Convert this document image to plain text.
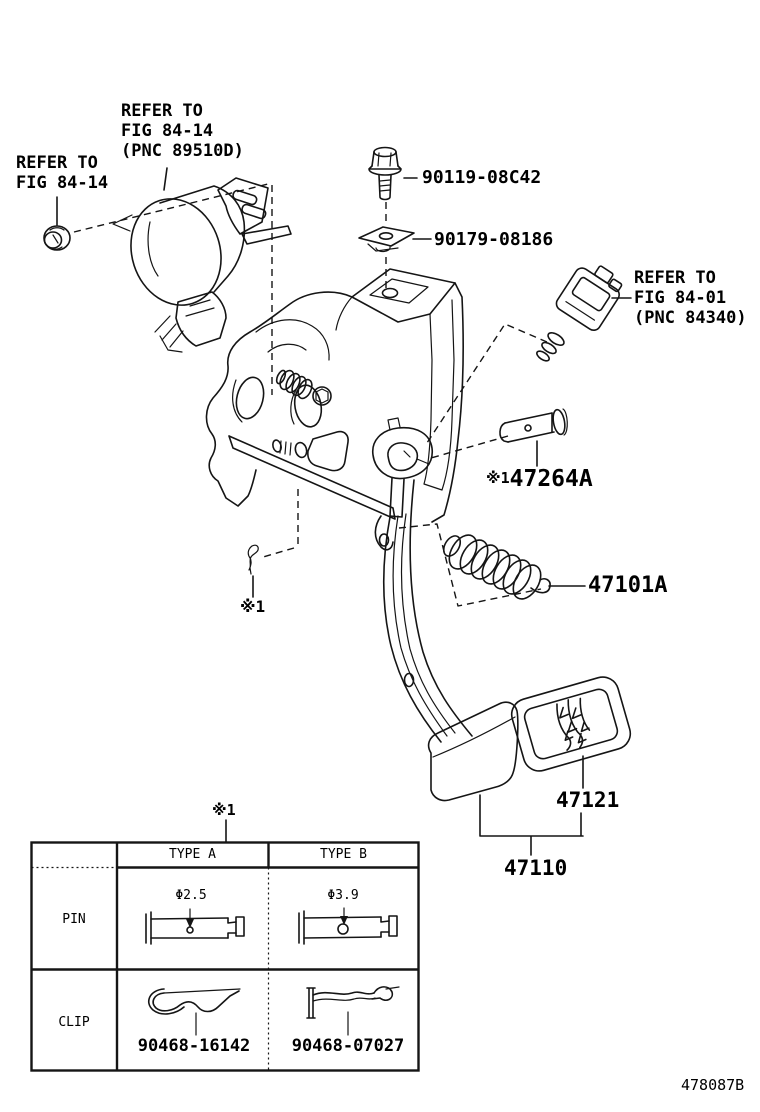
REFER TO
FIG 84-14
REFER TO
FIG 84-14
(PNC 89510D)
REFER TO
FIG 84-01
(PNC 84340)
90119-08C42
90179-08186
※147264A
47101A
47121
47110
※1
※1
TYPE A	TYPE B
PIN
CLIP
Φ2.5	Φ3.9
90468-16142 90468-07027
478087B
